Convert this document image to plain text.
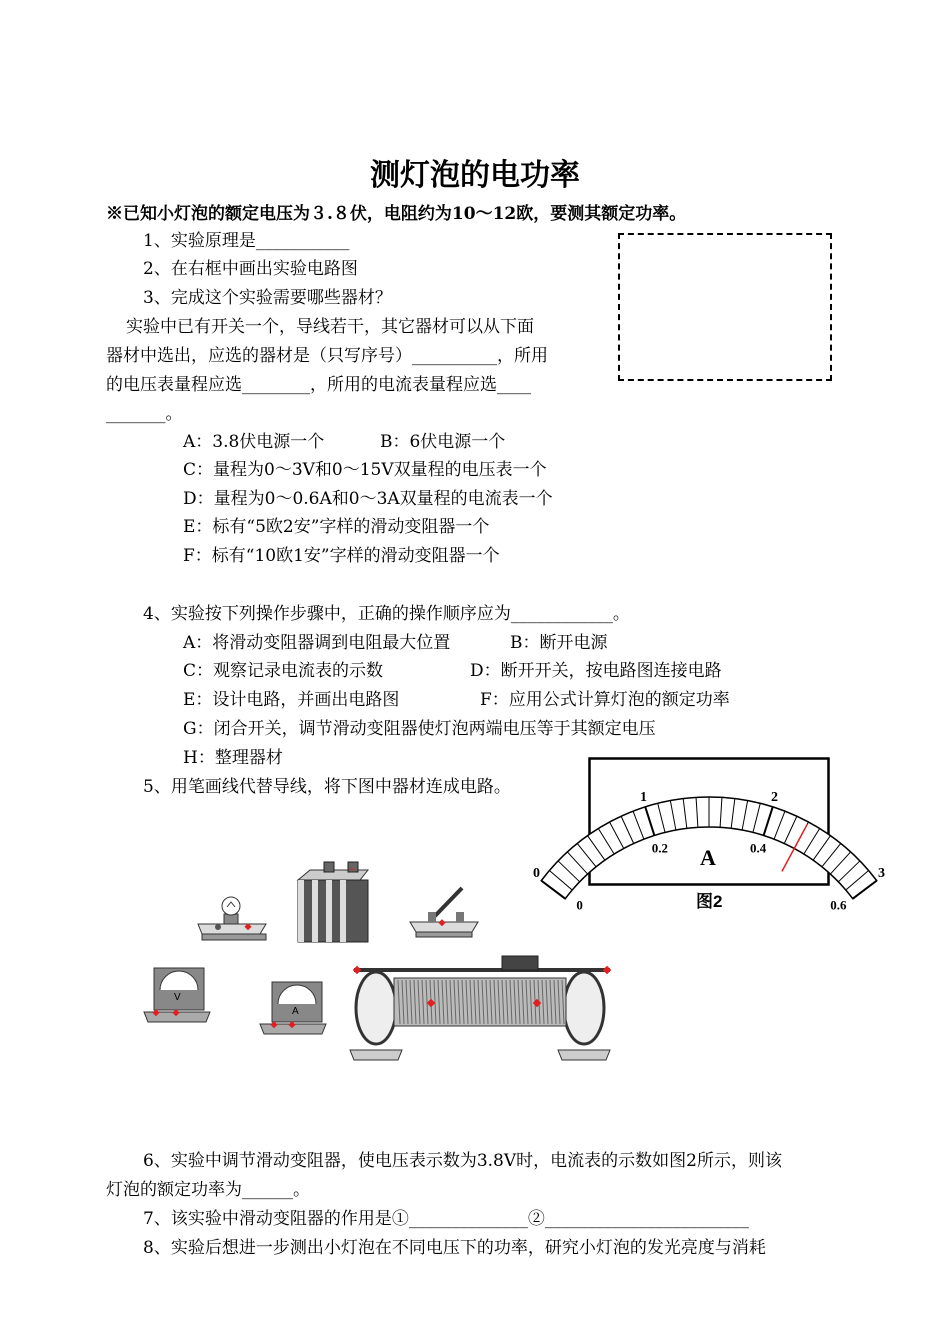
测灯泡的电功率
※已知小灯泡的额定电压为３.８伏，电阻约为10～12欧，要测其额定功率。
1、实验原理是___________
2、在右框中画出实验电路图
3、完成这个实验需要哪些器材？
实验中已有开关一个，导线若干，其它器材可以从下面
器材中选出，应选的器材是（只写序号）__________，所用
的电压表量程应选________，所用的电流表量程应选____
_______。
A：3.8伏电源一个	B：6伏电源一个
C：量程为0～3V和0～15V双量程的电压表一个
D：量程为0～0.6A和0～3A双量程的电流表一个
E：标有“5欧2安”字样的滑动变阻器一个
F：标有“10欧1安”字样的滑动变阻器一个
4、实验按下列操作步骤中，正确的操作顺序应为____________。
A：将滑动变阻器调到电阻最大位置	B：断开电源
C：观察记录电流表的示数	D：断开开关，按电路图连接电路
E：设计电路，并画出电路图	F：应用公式计算灯泡的额定功率
G：闭合开关，调节滑动变阻器使灯泡两端电压等于其额定电压
H：整理器材
5、用笔画线代替导线，将下图中器材连成电路。
0
1	2
3
0
0.2	0.4
0.6
A
图2
+
V
A
6、实验中调节滑动变阻器，使电压表示数为3.8V时，电流表的示数如图2所示，则该
灯泡的额定功率为______。
7、该实验中滑动变阻器的作用是①______________②________________________
8、实验后想进一步测出小灯泡在不同电压下的功率，研究小灯泡的发光亮度与消耗
